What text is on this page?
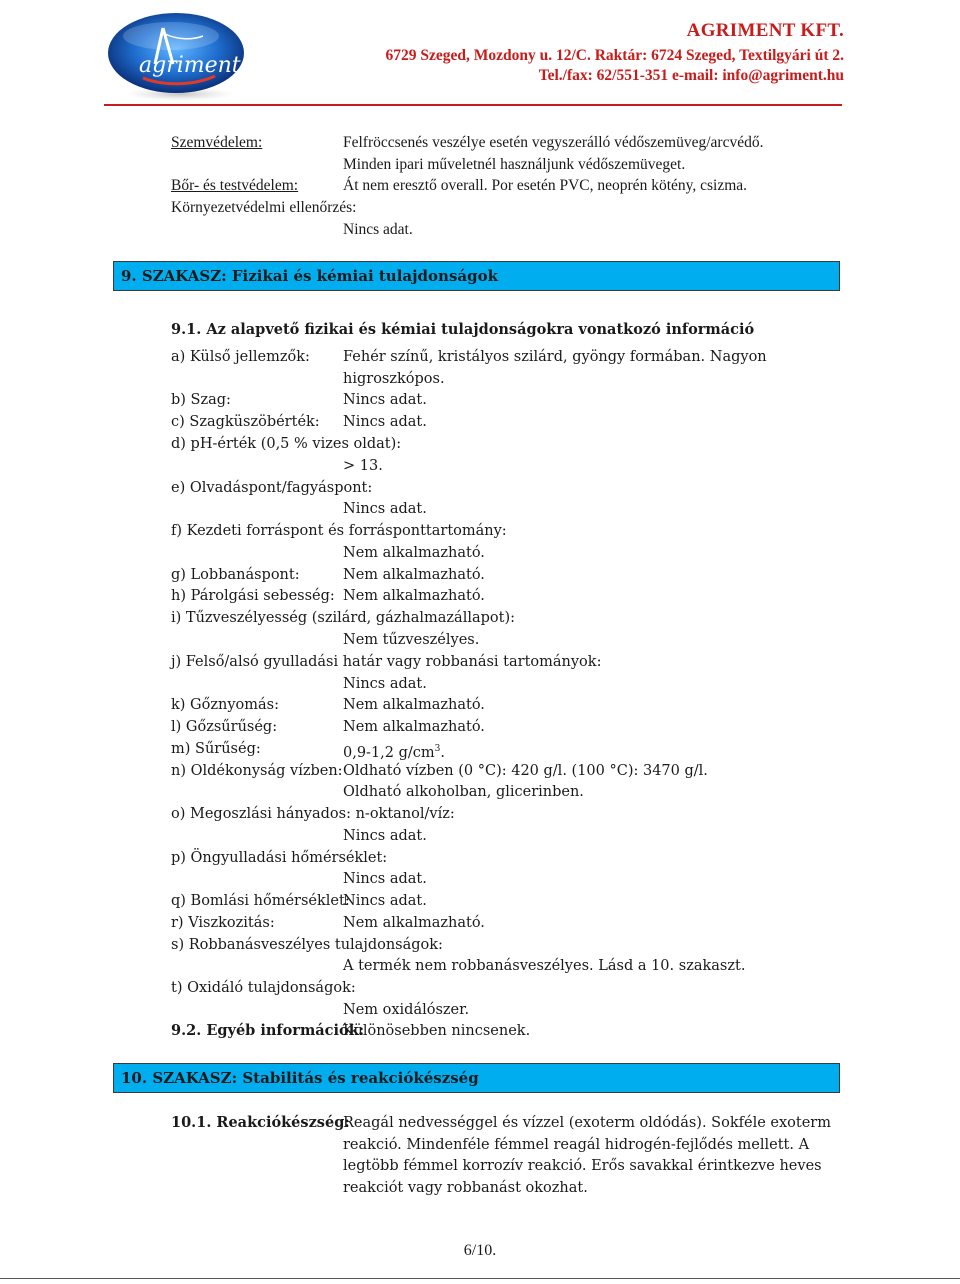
agriment
AGRIMENT KFT.
6729 Szeged, Mozdony u. 12/C. Raktár: 6724 Szeged, Textilgyári út 2.
Tel./fax: 62/551-351 e-mail: info@agriment.hu
Szemvédelem:	Felfröccsenés veszélye esetén vegyszerálló védőszemüveg/arcvédő.
Minden ipari műveletnél használjunk védőszemüveget.
Bőr- és testvédelem:	Át nem eresztő overall. Por esetén PVC, neoprén kötény, csizma.
Környezetvédelmi ellenőrzés:
Nincs adat.
9. SZAKASZ: Fizikai és kémiai tulajdonságok
9.1. Az alapvető fizikai és kémiai tulajdonságokra vonatkozó információ
a) Külső jellemzők: Fehér színű, kristályos szilárd, gyöngy formában. Nagyon
higroszkópos.
b) Szag:	Nincs adat.
c) Szagküszöbérték: Nincs adat.
d) pH-érték (0,5 % vizes oldat):
> 13.
e) Olvadáspont/fagyáspont:
Nincs adat.
f) Kezdeti forráspont és forrásponttartomány:
Nem alkalmazható.
g) Lobbanáspont:	Nem alkalmazható.
h) Párolgási sebesség: Nem alkalmazható.
i) Tűzveszélyesség (szilárd, gázhalmazállapot):
Nem tűzveszélyes.
j) Felső/alsó gyulladási határ vagy robbanási tartományok:
Nincs adat.
k) Gőznyomás:	Nem alkalmazható.
l) Gőzsűrűség:	Nem alkalmazható.
m) Sűrűség:	0,9-1,2 $g/cm^3$.
n) Oldékonyság vízben: Oldható vízben (0 °C): 420 g/l. (100 °C): 3470 g/l.
Oldható alkoholban, glicerinben.
o) Megoszlási hányados: n-oktanol/víz:
Nincs adat.
p) Öngyulladási hőmérséklet:
Nincs adat.
q) Bomlási hőmérséklet:
Nincs adat.
r) Viszkozitás:	Nem alkalmazható.
s) Robbanásveszélyes tulajdonságok:
A termék nem robbanásveszélyes. Lásd a 10. szakaszt.
t) Oxidáló tulajdonságok:
Nem oxidálószer.
9.2. Egyéb információk:
Különösebben nincsenek.
10. SZAKASZ: Stabilitás és reakciókészség
10.1. Reakciókészség:
Reagál nedvességgel és vízzel (exoterm oldódás). Sokféle exoterm
reakció. Mindenféle fémmel reagál hidrogén-fejlődés mellett. A
legtöbb fémmel korrozív reakció. Erős savakkal érintkezve heves
reakciót vagy robbanást okozhat.
6/10.
